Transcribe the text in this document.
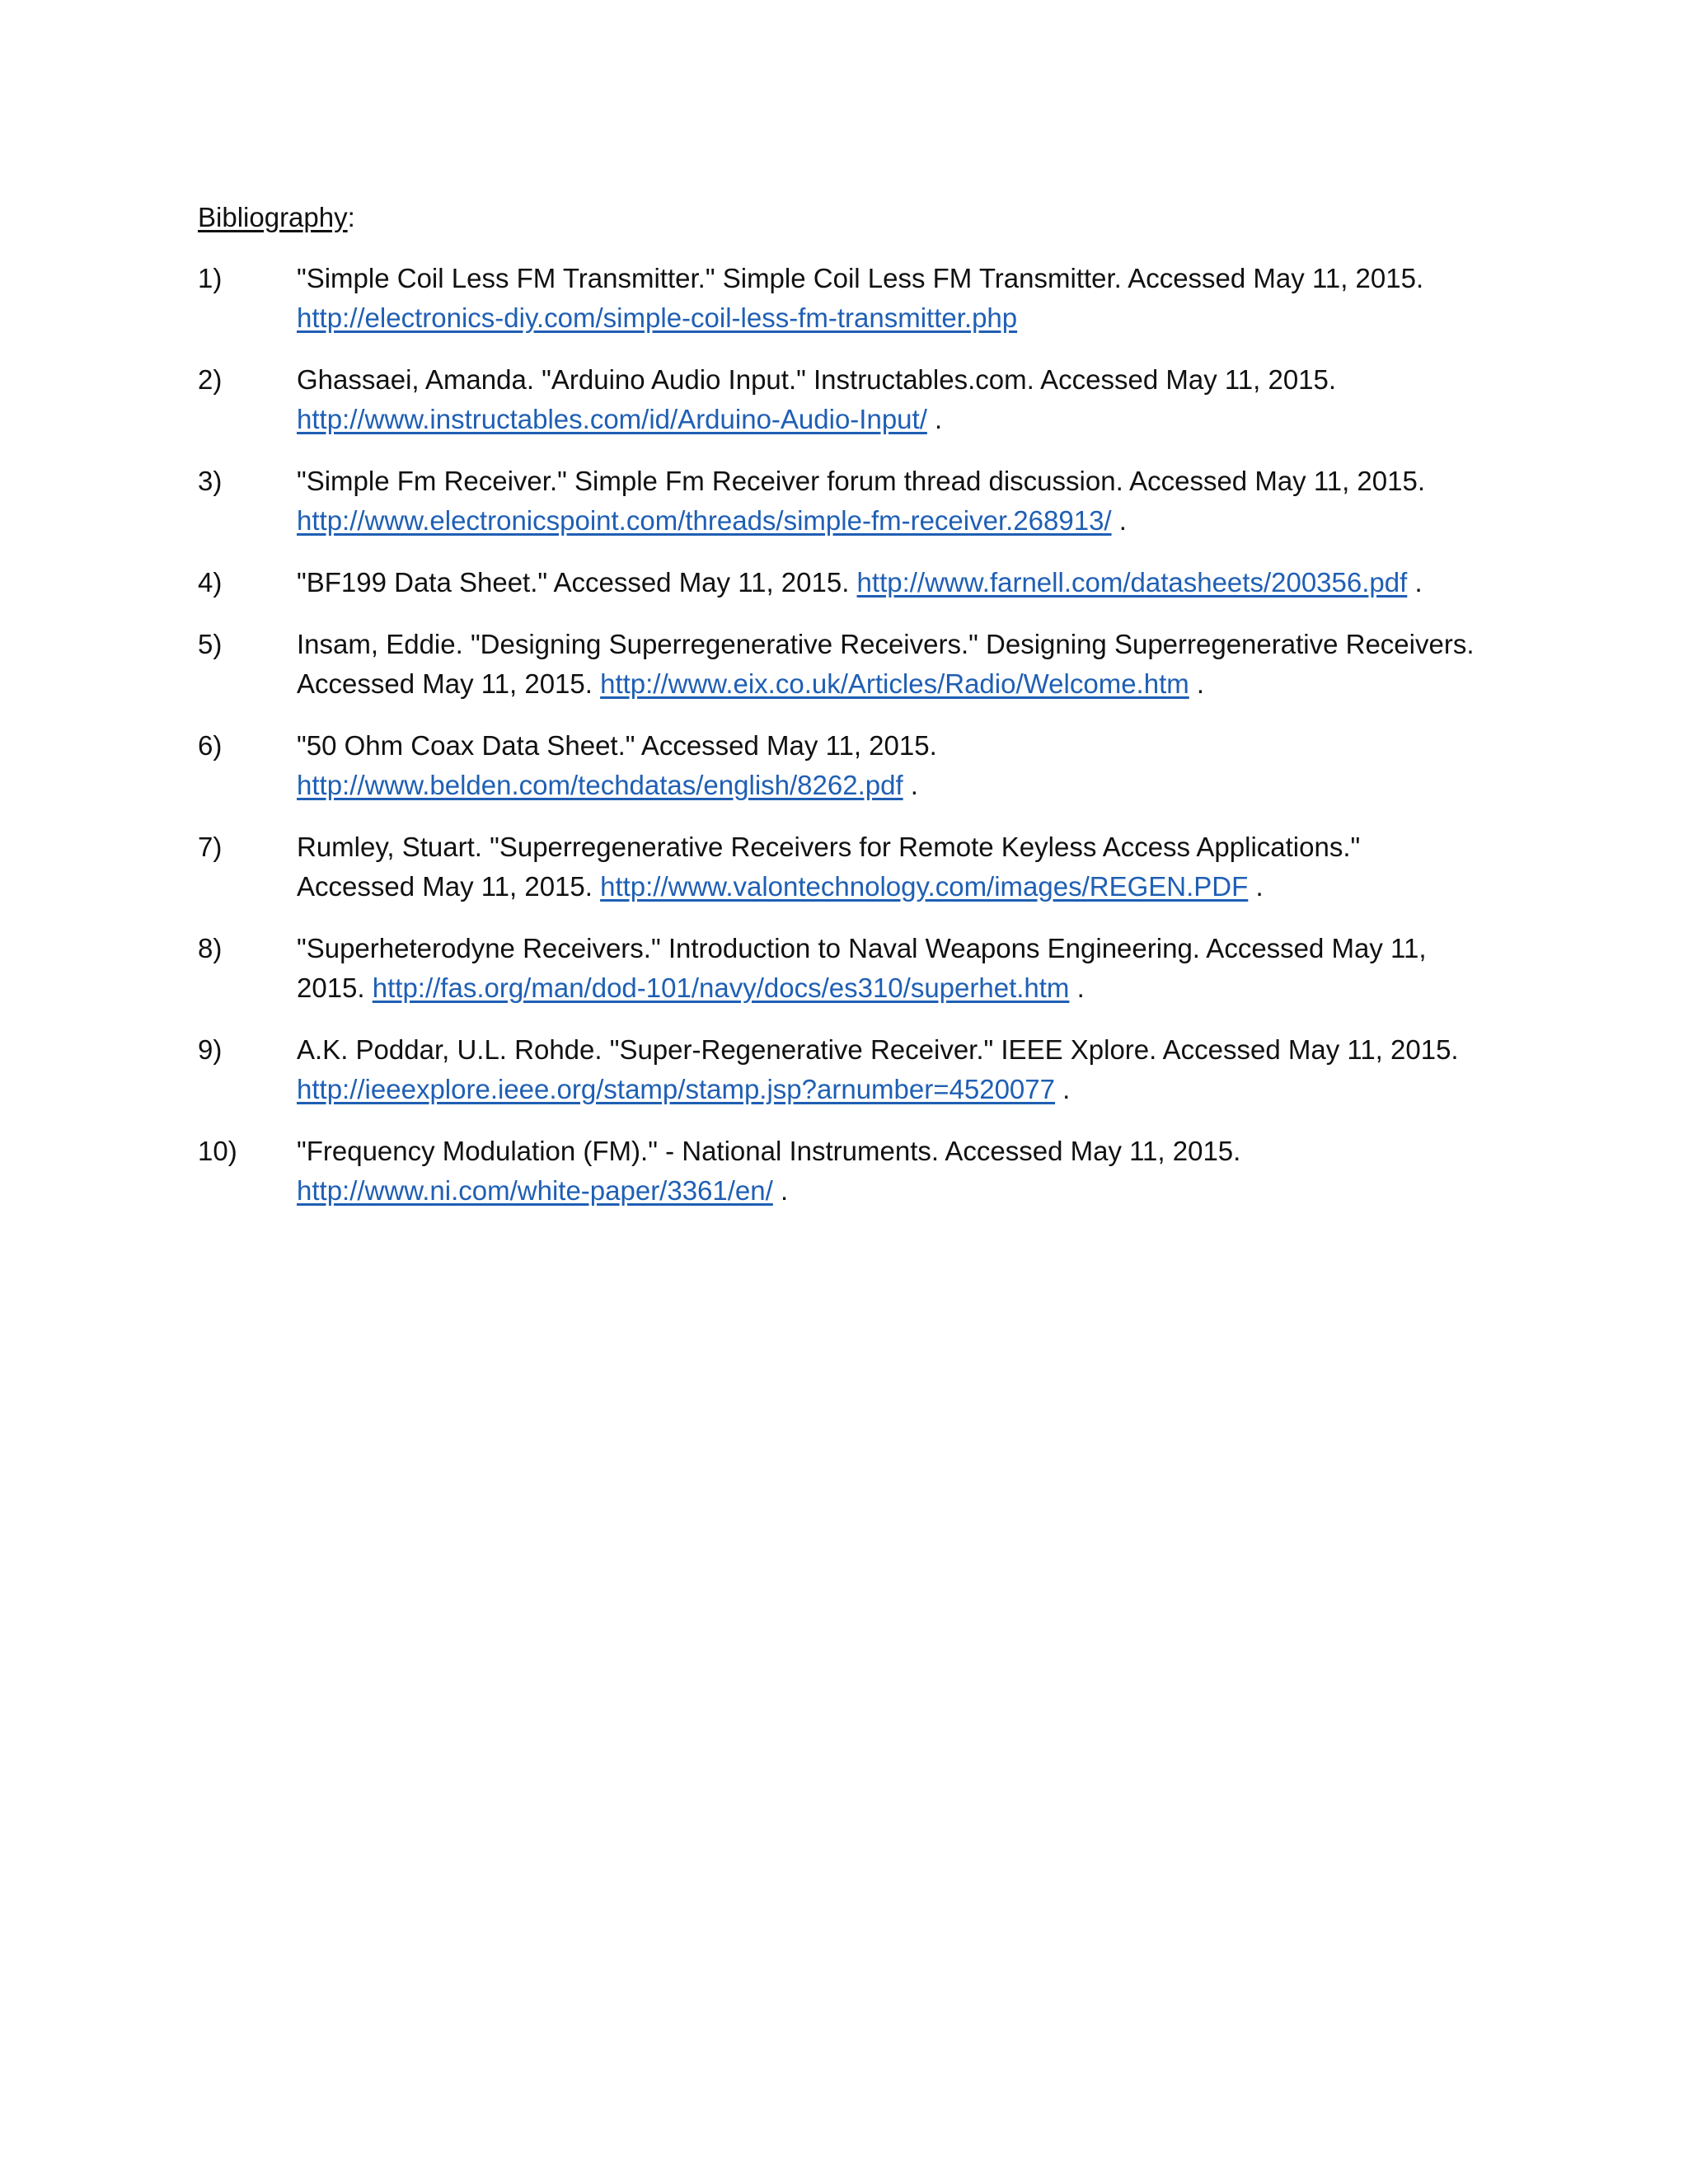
Bibliography:
1)	"Simple Coil Less FM Transmitter." Simple Coil Less FM Transmitter. Accessed May 11, 2015.
http://electronics-diy.com/simple-coil-less-fm-transmitter.php
2)	Ghassaei, Amanda. "Arduino Audio Input." Instructables.com. Accessed May 11, 2015.
http://www.instructables.com/id/Arduino-Audio-Input/ .
3)	"Simple Fm Receiver." Simple Fm Receiver forum thread discussion. Accessed May 11, 2015.
http://www.electronicspoint.com/threads/simple-fm-receiver.268913/ .
4)	"BF199 Data Sheet." Accessed May 11, 2015. http://www.farnell.com/datasheets/200356.pdf .
5)	Insam, Eddie. "Designing Superregenerative Receivers." Designing Superregenerative Receivers.
Accessed May 11, 2015. http://www.eix.co.uk/Articles/Radio/Welcome.htm .
6)	"50 Ohm Coax Data Sheet." Accessed May 11, 2015.
http://www.belden.com/techdatas/english/8262.pdf .
7)	Rumley, Stuart. "Superregenerative Receivers for Remote Keyless Access Applications."
Accessed May 11, 2015. http://www.valontechnology.com/images/REGEN.PDF .
8)	"Superheterodyne Receivers." Introduction to Naval Weapons Engineering. Accessed May 11,
2015. http://fas.org/man/dod-101/navy/docs/es310/superhet.htm .
9)	A.K. Poddar, U.L. Rohde. "Super-Regenerative Receiver." IEEE Xplore. Accessed May 11, 2015.
http://ieeexplore.ieee.org/stamp/stamp.jsp?arnumber=4520077 .
10) "Frequency Modulation (FM)." - National Instruments. Accessed May 11, 2015.
http://www.ni.com/white-paper/3361/en/ .
